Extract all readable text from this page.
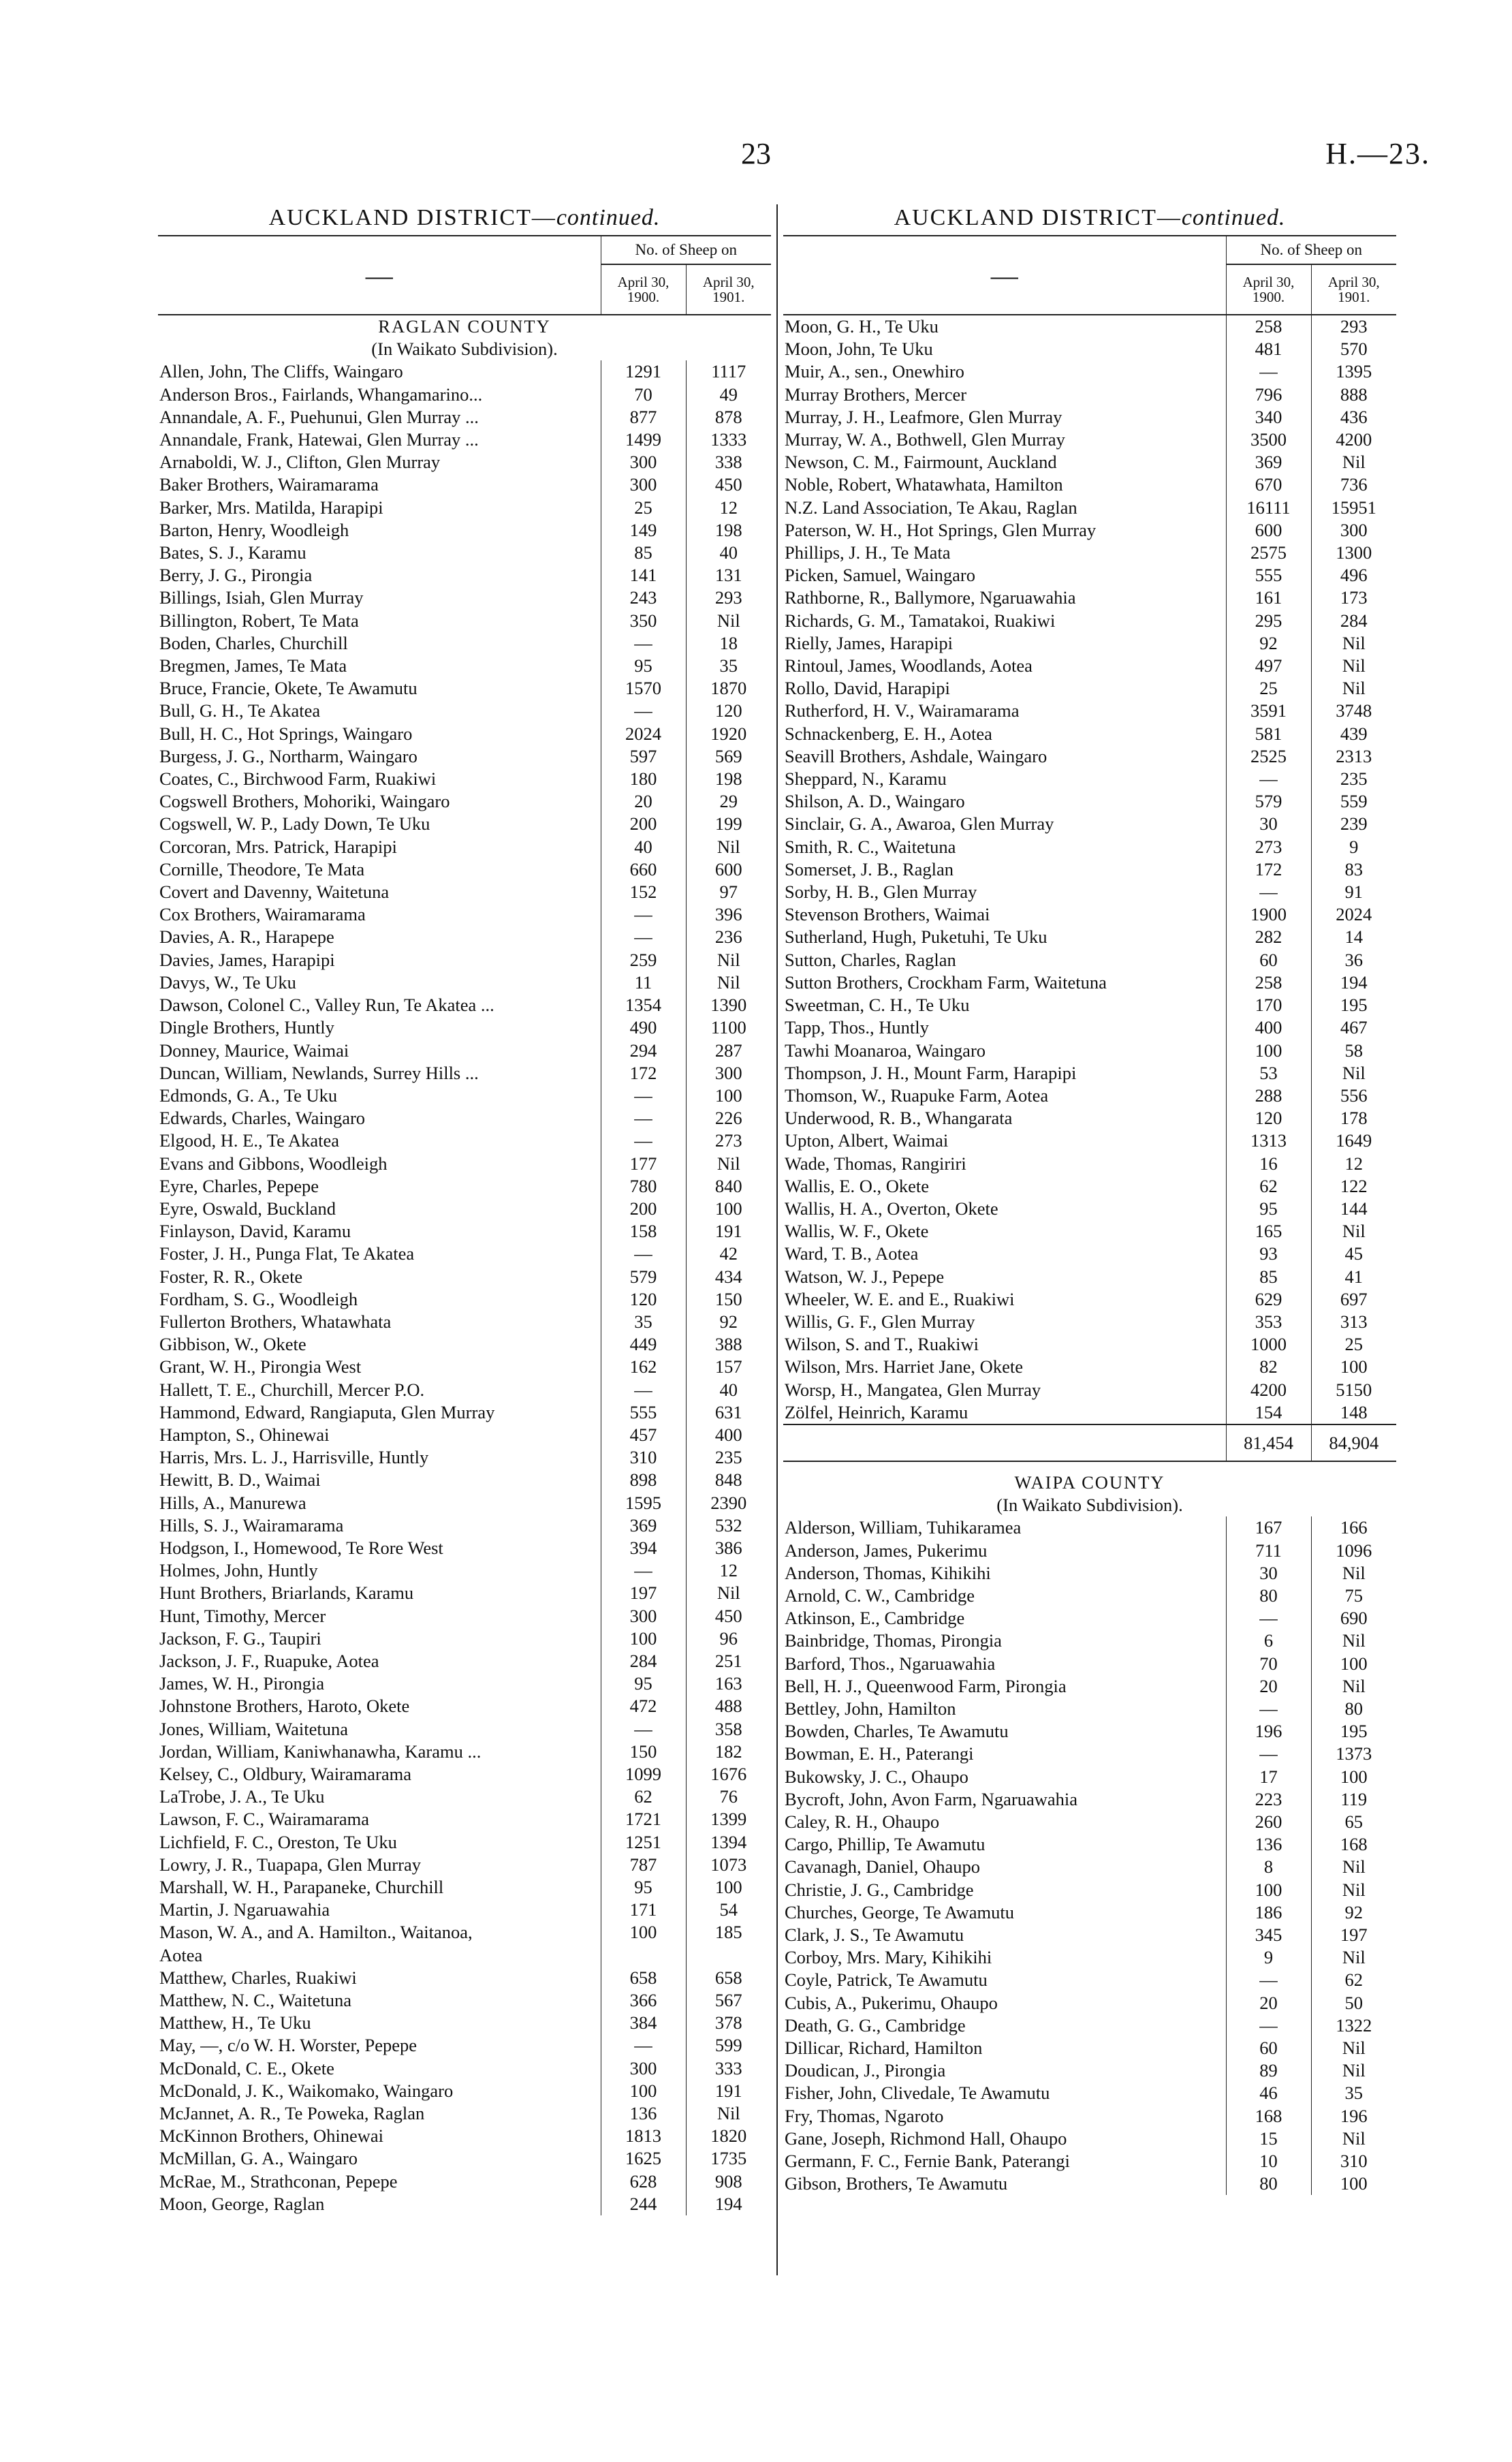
23	H.—23.
AUCKLAND DISTRICT—continued.
—	No. of Sheep on	
	April 30, 1900.	April 30, 1901.
RAGLAN COUNTY		
(In Waikato Subdivision).		
Allen, John, The Cliffs, Waingaro	1291	1117
Anderson Bros., Fairlands, Whangamarino...	70	49
Annandale, A. F., Puehunui, Glen Murray ...	877	878
Annandale, Frank, Hatewai, Glen Murray ...	1499	1333
Arnaboldi, W. J., Clifton, Glen Murray	300	338
Baker Brothers, Wairamarama	300	450
Barker, Mrs. Matilda, Harapipi	25	12
Barton, Henry, Woodleigh	149	198
Bates, S. J., Karamu	85	40
Berry, J. G., Pirongia	141	131
Billings, Isiah, Glen Murray	243	293
Billington, Robert, Te Mata	350	Nil
Boden, Charles, Churchill	—	18
Bregmen, James, Te Mata	95	35
Bruce, Francie, Okete, Te Awamutu	1570	1870
Bull, G. H., Te Akatea	—	120
Bull, H. C., Hot Springs, Waingaro	2024	1920
Burgess, J. G., Northarm, Waingaro	597	569
Coates, C., Birchwood Farm, Ruakiwi	180	198
Cogswell Brothers, Mohoriki, Waingaro	20	29
Cogswell, W. P., Lady Down, Te Uku	200	199
Corcoran, Mrs. Patrick, Harapipi	40	Nil
Cornille, Theodore, Te Mata	660	600
Covert and Davenny, Waitetuna	152	97
Cox Brothers, Wairamarama	—	396
Davies, A. R., Harapepe	—	236
Davies, James, Harapipi	259	Nil
Davys, W., Te Uku	11	Nil
Dawson, Colonel C., Valley Run, Te Akatea ...	1354	1390
Dingle Brothers, Huntly	490	1100
Donney, Maurice, Waimai	294	287
Duncan, William, Newlands, Surrey Hills ...	172	300
Edmonds, G. A., Te Uku	—	100
Edwards, Charles, Waingaro	—	226
Elgood, H. E., Te Akatea	—	273
Evans and Gibbons, Woodleigh	177	Nil
Eyre, Charles, Pepepe	780	840
Eyre, Oswald, Buckland	200	100
Finlayson, David, Karamu	158	191
Foster, J. H., Punga Flat, Te Akatea	—	42
Foster, R. R., Okete	579	434
Fordham, S. G., Woodleigh	120	150
Fullerton Brothers, Whatawhata	35	92
Gibbison, W., Okete	449	388
Grant, W. H., Pirongia West	162	157
Hallett, T. E., Churchill, Mercer P.O.	—	40
Hammond, Edward, Rangiaputa, Glen Murray	555	631
Hampton, S., Ohinewai	457	400
Harris, Mrs. L. J., Harrisville, Huntly	310	235
Hewitt, B. D., Waimai	898	848
Hills, A., Manurewa	1595	2390
Hills, S. J., Wairamarama	369	532
Hodgson, I., Homewood, Te Rore West	394	386
Holmes, John, Huntly	—	12
Hunt Brothers, Briarlands, Karamu	197	Nil
Hunt, Timothy, Mercer	300	450
Jackson, F. G., Taupiri	100	96
Jackson, J. F., Ruapuke, Aotea	284	251
James, W. H., Pirongia	95	163
Johnstone Brothers, Haroto, Okete	472	488
Jones, William, Waitetuna	—	358
Jordan, William, Kaniwhanawha, Karamu ...	150	182
Kelsey, C., Oldbury, Wairamarama	1099	1676
LaTrobe, J. A., Te Uku	62	76
Lawson, F. C., Wairamarama	1721	1399
Lichfield, F. C., Oreston, Te Uku	1251	1394
Lowry, J. R., Tuapapa, Glen Murray	787	1073
Marshall, W. H., Parapaneke, Churchill	95	100
Martin, J. Ngaruawahia	171	54
Mason, W. A., and A. Hamilton., Waitanoa,	100	185
Aotea		
Matthew, Charles, Ruakiwi	658	658
Matthew, N. C., Waitetuna	366	567
Matthew, H., Te Uku	384	378
May, —, c/o W. H. Worster, Pepepe	—	599
McDonald, C. E., Okete	300	333
McDonald, J. K., Waikomako, Waingaro	100	191
McJannet, A. R., Te Poweka, Raglan	136	Nil
McKinnon Brothers, Ohinewai	1813	1820
McMillan, G. A., Waingaro	1625	1735
McRae, M., Strathconan, Pepepe	628	908
Moon, George, Raglan	244	194
AUCKLAND DISTRICT—continued.
—	No. of Sheep on	
	April 30, 1900.	April 30, 1901.
Moon, G. H., Te Uku	258	293
Moon, John, Te Uku	481	570
Muir, A., sen., Onewhiro	—	1395
Murray Brothers, Mercer	796	888
Murray, J. H., Leafmore, Glen Murray	340	436
Murray, W. A., Bothwell, Glen Murray	3500	4200
Newson, C. M., Fairmount, Auckland	369	Nil
Noble, Robert, Whatawhata, Hamilton	670	736
N.Z. Land Association, Te Akau, Raglan	16111	15951
Paterson, W. H., Hot Springs, Glen Murray	600	300
Phillips, J. H., Te Mata	2575	1300
Picken, Samuel, Waingaro	555	496
Rathborne, R., Ballymore, Ngaruawahia	161	173
Richards, G. M., Tamatakoi, Ruakiwi	295	284
Rielly, James, Harapipi	92	Nil
Rintoul, James, Woodlands, Aotea	497	Nil
Rollo, David, Harapipi	25	Nil
Rutherford, H. V., Wairamarama	3591	3748
Schnackenberg, E. H., Aotea	581	439
Seavill Brothers, Ashdale, Waingaro	2525	2313
Sheppard, N., Karamu	—	235
Shilson, A. D., Waingaro	579	559
Sinclair, G. A., Awaroa, Glen Murray	30	239
Smith, R. C., Waitetuna	273	9
Somerset, J. B., Raglan	172	83
Sorby, H. B., Glen Murray	—	91
Stevenson Brothers, Waimai	1900	2024
Sutherland, Hugh, Puketuhi, Te Uku	282	14
Sutton, Charles, Raglan	60	36
Sutton Brothers, Crockham Farm, Waitetuna	258	194
Sweetman, C. H., Te Uku	170	195
Tapp, Thos., Huntly	400	467
Tawhi Moanaroa, Waingaro	100	58
Thompson, J. H., Mount Farm, Harapipi	53	Nil
Thomson, W., Ruapuke Farm, Aotea	288	556
Underwood, R. B., Whangarata	120	178
Upton, Albert, Waimai	1313	1649
Wade, Thomas, Rangiriri	16	12
Wallis, E. O., Okete	62	122
Wallis, H. A., Overton, Okete	95	144
Wallis, W. F., Okete	165	Nil
Ward, T. B., Aotea	93	45
Watson, W. J., Pepepe	85	41
Wheeler, W. E. and E., Ruakiwi	629	697
Willis, G. F., Glen Murray	353	313
Wilson, S. and T., Ruakiwi	1000	25
Wilson, Mrs. Harriet Jane, Okete	82	100
Worsp, H., Mangatea, Glen Murray	4200	5150
Zölfel, Heinrich, Karamu	154	148
	81,454	84,904

WAIPA COUNTY		
(In Waikato Subdivision).		
Alderson, William, Tuhikaramea	167	166
Anderson, James, Pukerimu	711	1096
Anderson, Thomas, Kihikihi	30	Nil
Arnold, C. W., Cambridge	80	75
Atkinson, E., Cambridge	—	690
Bainbridge, Thomas, Pirongia	6	Nil
Barford, Thos., Ngaruawahia	70	100
Bell, H. J., Queenwood Farm, Pirongia	20	Nil
Bettley, John, Hamilton	—	80
Bowden, Charles, Te Awamutu	196	195
Bowman, E. H., Paterangi	—	1373
Bukowsky, J. C., Ohaupo	17	100
Bycroft, John, Avon Farm, Ngaruawahia	223	119
Caley, R. H., Ohaupo	260	65
Cargo, Phillip, Te Awamutu	136	168
Cavanagh, Daniel, Ohaupo	8	Nil
Christie, J. G., Cambridge	100	Nil
Churches, George, Te Awamutu	186	92
Clark, J. S., Te Awamutu	345	197
Corboy, Mrs. Mary, Kihikihi	9	Nil
Coyle, Patrick, Te Awamutu	—	62
Cubis, A., Pukerimu, Ohaupo	20	50
Death, G. G., Cambridge	—	1322
Dillicar, Richard, Hamilton	60	Nil
Doudican, J., Pirongia	89	Nil
Fisher, John, Clivedale, Te Awamutu	46	35
Fry, Thomas, Ngaroto	168	196
Gane, Joseph, Richmond Hall, Ohaupo	15	Nil
Germann, F. C., Fernie Bank, Paterangi	10	310
Gibson, Brothers, Te Awamutu	80	100
